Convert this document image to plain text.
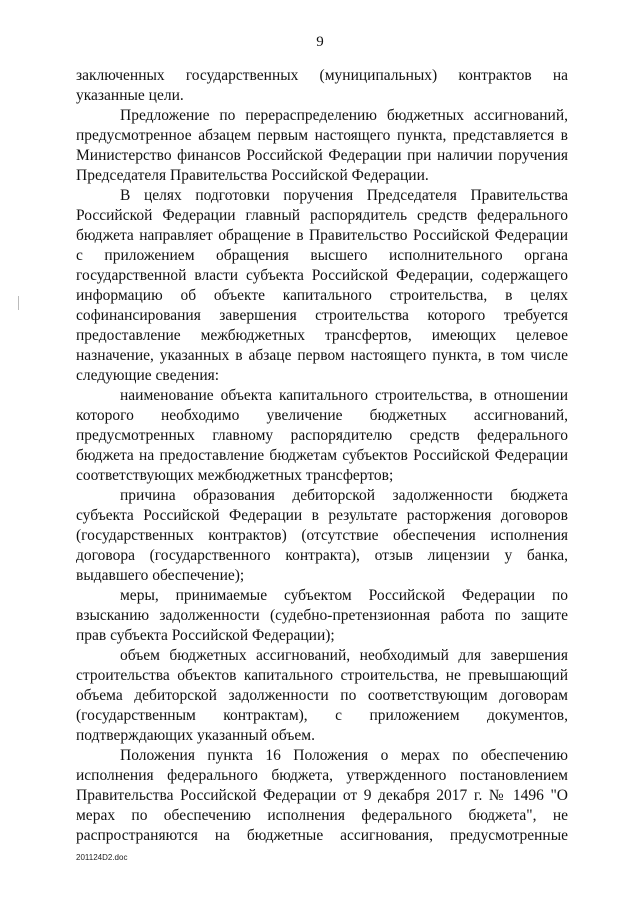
9

заключенных государственных (муниципальных) контрактов на указанные цели.

Предложение по перераспределению бюджетных ассигнований, предусмотренное абзацем первым настоящего пункта, представляется в Министерство финансов Российской Федерации при наличии поручения Председателя Правительства Российской Федерации.

В целях подготовки поручения Председателя Правительства Российской Федерации главный распорядитель средств федерального бюджета направляет обращение в Правительство Российской Федерации с приложением обращения высшего исполнительного органа государственной власти субъекта Российской Федерации, содержащего информацию об объекте капитального строительства, в целях софинансирования завершения строительства которого требуется предоставление межбюджетных трансфертов, имеющих целевое назначение, указанных в абзаце первом настоящего пункта, в том числе следующие сведения:

наименование объекта капитального строительства, в отношении которого необходимо увеличение бюджетных ассигнований, предусмотренных главному распорядителю средств федерального бюджета на предоставление бюджетам субъектов Российской Федерации соответствующих межбюджетных трансфертов;

причина образования дебиторской задолженности бюджета субъекта Российской Федерации в результате расторжения договоров (государственных контрактов) (отсутствие обеспечения исполнения договора (государственного контракта), отзыв лицензии у банка, выдавшего обеспечение);

меры, принимаемые субъектом Российской Федерации по взысканию задолженности (судебно-претензионная работа по защите прав субъекта Российской Федерации);

объем бюджетных ассигнований, необходимый для завершения строительства объектов капитального строительства, не превышающий объема дебиторской задолженности по соответствующим договорам (государственным контрактам), с приложением документов, подтверждающих указанный объем.

Положения пункта 16 Положения о мерах по обеспечению исполнения федерального бюджета, утвержденного постановлением Правительства Российской Федерации от 9 декабря 2017 г. № 1496 "О мерах по обеспечению исполнения федерального бюджета", не распространяются на бюджетные ассигнования, предусмотренные

201124D2.doc
